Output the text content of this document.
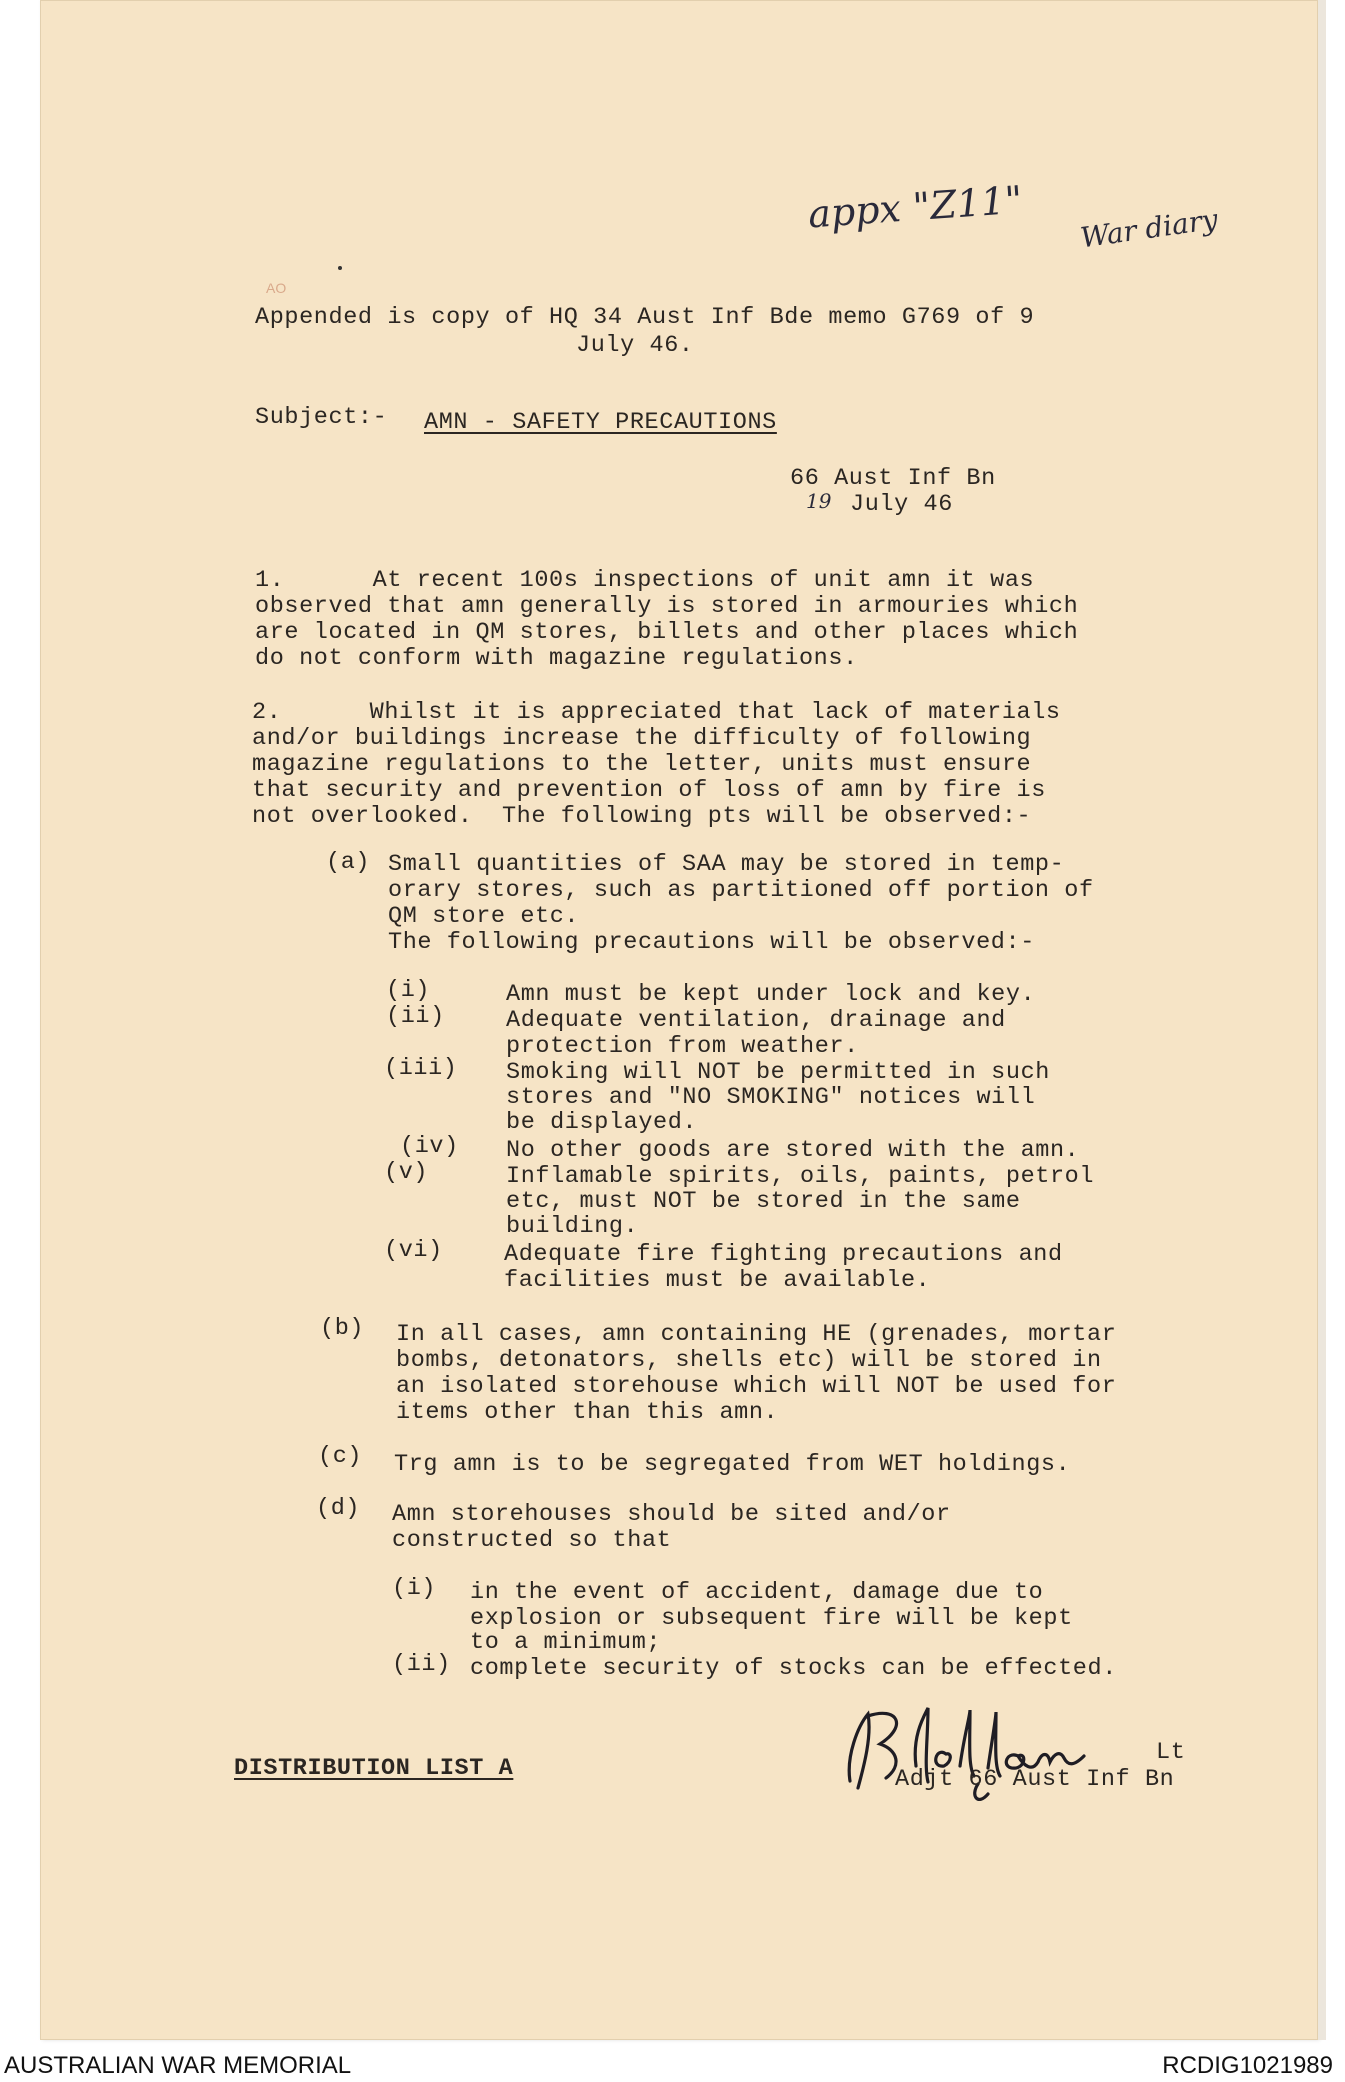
appx "Z11" War diary
AO
Appended is copy of HQ 34 Aust Inf Bde memo G769 of 9
July 46.
Subject:- AMN - SAFETY PRECAUTIONS
66 Aust Inf Bn
19 July 46
1.      At recent 100s inspections of unit amn it was
observed that amn generally is stored in armouries which
are located in QM stores, billets and other places which
do not conform with magazine regulations.
2.      Whilst it is appreciated that lack of materials
and/or buildings increase the difficulty of following
magazine regulations to the letter, units must ensure
that security and prevention of loss of amn by fire is
not overlooked.  The following pts will be observed:-
(a) Small quantities of SAA may be stored in temp-
orary stores, such as partitioned off portion of
QM store etc.
The following precautions will be observed:-
(i)	Amn must be kept under lock and key.
(ii)	Adequate ventilation, drainage and
protection from weather.
(iii) Smoking will NOT be permitted in such
stores and "NO SMOKING" notices will
be displayed.
(iv) No other goods are stored with the amn.
(v)	Inflamable spirits, oils, paints, petrol
etc, must NOT be stored in the same
building.
(vi)	Adequate fire fighting precautions and
facilities must be available.
(b) In all cases, amn containing HE (grenades, mortar
bombs, detonators, shells etc) will be stored in
an isolated storehouse which will NOT be used for
items other than this amn.
(c) Trg amn is to be segregated from WET holdings.
(d) Amn storehouses should be sited and/or
constructed so that
(i) in the event of accident, damage due to
explosion or subsequent fire will be kept
to a minimum;
(ii) complete security of stocks can be effected.
DISTRIBUTION LIST A
Lt
Adjt 66 Aust Inf Bn
AUSTRALIAN WAR MEMORIAL	RCDIG1021989
